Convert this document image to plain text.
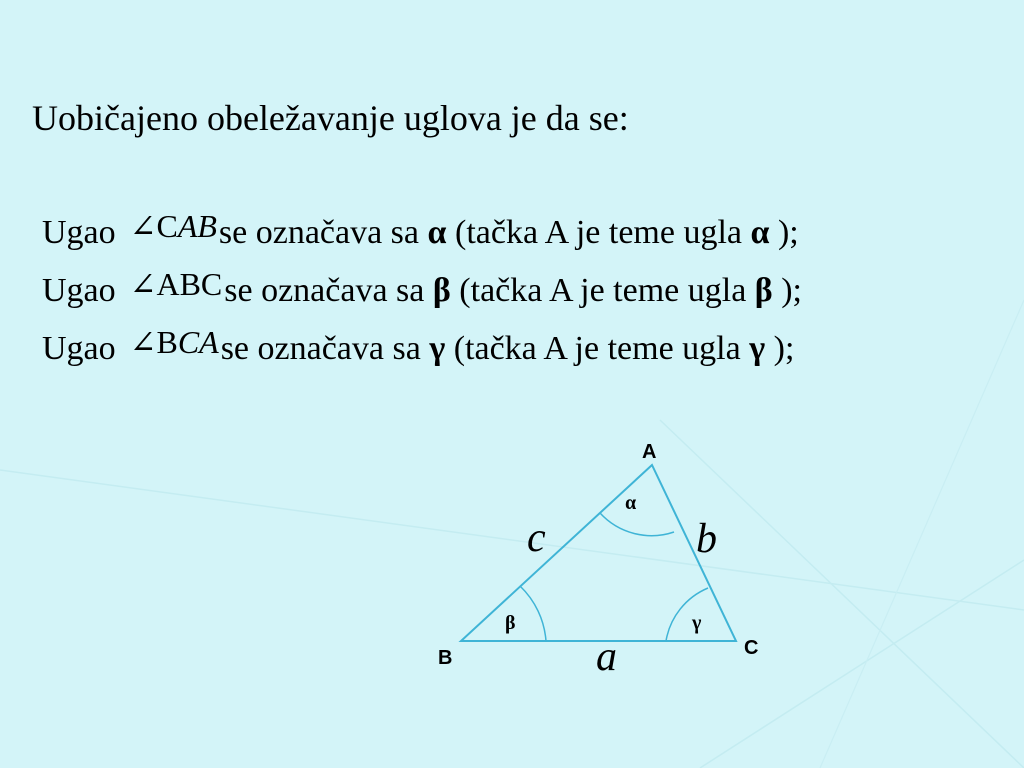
Uobičajeno obeležavanje uglova je da se:
Ugao ∠CABse označava sa α (tačka A je teme ugla α );
Ugao ∠ABCse označava sa β (tačka A je teme ugla β );
Ugao ∠BCAse označava sa γ (tačka A je teme ugla γ );
A
B	C
c	b
a
α
β	γ
